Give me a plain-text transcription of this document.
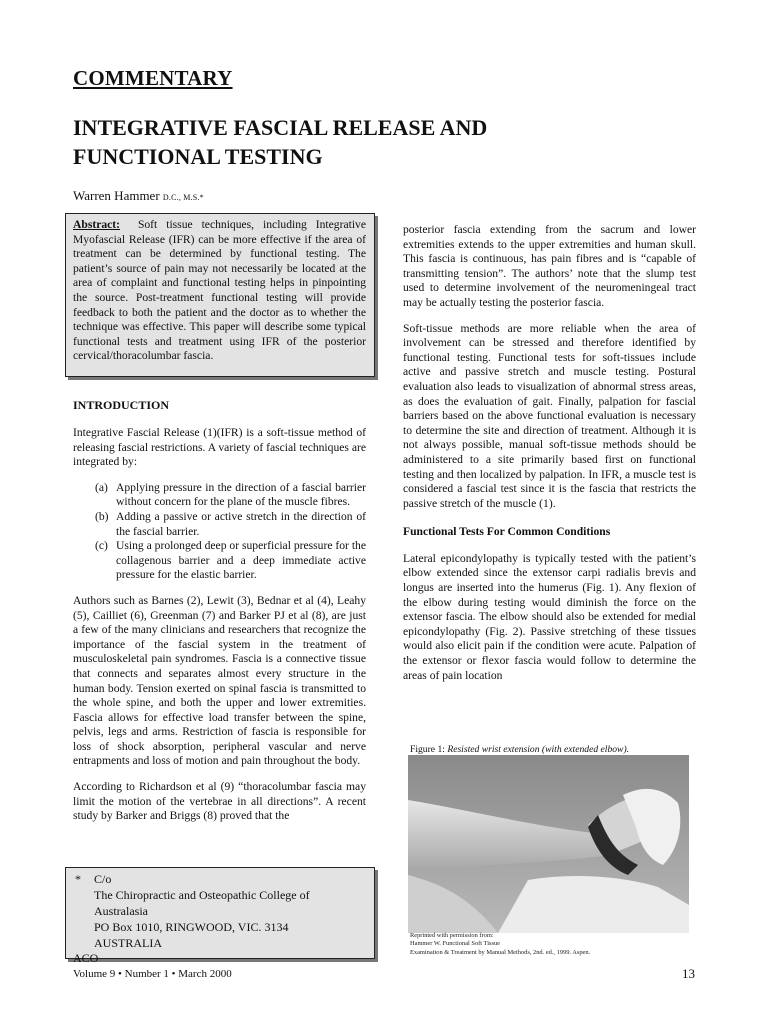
COMMENTARY
INTEGRATIVE FASCIAL RELEASE AND
FUNCTIONAL TESTING
Warren Hammer D.C., M.S.*
Abstract: Soft tissue techniques, including Integrative Myofascial Release (IFR) can be more effective if the area of treatment can be determined by functional testing. The patient’s source of pain may not necessarily be located at the area of complaint and functional testing helps in pinpointing the source. Post-treatment functional testing will provide feedback to both the patient and the doctor as to whether the technique was effective. This paper will describe some typical functional tests and treatment using IFR of the posterior cervical/thoracolumbar fascia.
INTRODUCTION

Integrative Fascial Release (1)(IFR) is a soft-tissue method of releasing fascial restrictions. A variety of fascial techniques are integrated by:

(a) Applying pressure in the direction of a fascial barrier without concern for the plane of the muscle fibres.
(b) Adding a passive or active stretch in the direction of the fascial barrier.
(c) Using a prolonged deep or superficial pressure for the collagenous barrier and a deep immediate active pressure for the elastic barrier.

Authors such as Barnes (2), Lewit (3), Bednar et al (4), Leahy (5), Cailliet (6), Greenman (7) and Barker PJ et al (8), are just a few of the many clinicians and researchers that recognize the importance of the fascial system in the treatment of musculoskeletal pain syndromes. Fascia is a connective tissue that connects and separates almost every structure in the human body. Tension exerted on spinal fascia is transmitted to the whole spine, and both the upper and lower extremities. Fascia allows for effective load transfer between the spine, pelvis, legs and arms. Restriction of fascia is responsible for loss of shock absorption, peripheral vascular and nerve entrapments and loss of motion and pain throughout the body.

According to Richardson et al (9) “thoracolumbar fascia may limit the motion of the vertebrae in all directions”. A recent study by Barker and Briggs (8) proved that the

* C/o
The Chiropractic and Osteopathic College of
Australasia
PO Box 1010, RINGWOOD, VIC. 3134
AUSTRALIA
ACO
Volume 9 • Number 1 • March 2000	13

posterior fascia extending from the sacrum and lower extremities extends to the upper extremities and human skull. This fascia is continuous, has pain fibres and is “capable of transmitting tension”. The authors’ note that the slump test used to determine involvement of the neuromeningeal tract may be actually testing the posterior fascia.

Soft-tissue methods are more reliable when the area of involvement can be stressed and therefore identified by functional testing. Functional tests for soft-tissues include active and passive stretch and muscle testing. Postural evaluation also leads to visualization of abnormal stress areas, as does the evaluation of gait. Finally, palpation for fascial barriers based on the above functional evaluation is necessary to determine the site and direction of treatment. Although it is not always possible, manual soft-tissue methods should be administered to a site primarily based first on functional testing and then localized by palpation. In IFR, a muscle test is considered a fascial test since it is the fascia that restricts the passive stretch of the muscle (1).

Functional Tests For Common Conditions

Lateral epicondylopathy is typically tested with the patient’s elbow extended since the extensor carpi radialis brevis and longus are inserted into the humerus (Fig. 1). Any flexion of the elbow during testing would diminish the force on the extensor fascia. The elbow should also be extended for medial epicondylopathy (Fig. 2). Passive stretching of these tissues would also elicit pain if the condition were acute. Palpation of the extensor or flexor fascia would follow to determine the areas of pain location

Figure 1: Resisted wrist extension (with extended elbow).
Reprinted with permission from:
Hammer W. Functional Soft Tissue
Examination & Treatment by Manual Methods, 2nd. ed., 1999. Aspen.
